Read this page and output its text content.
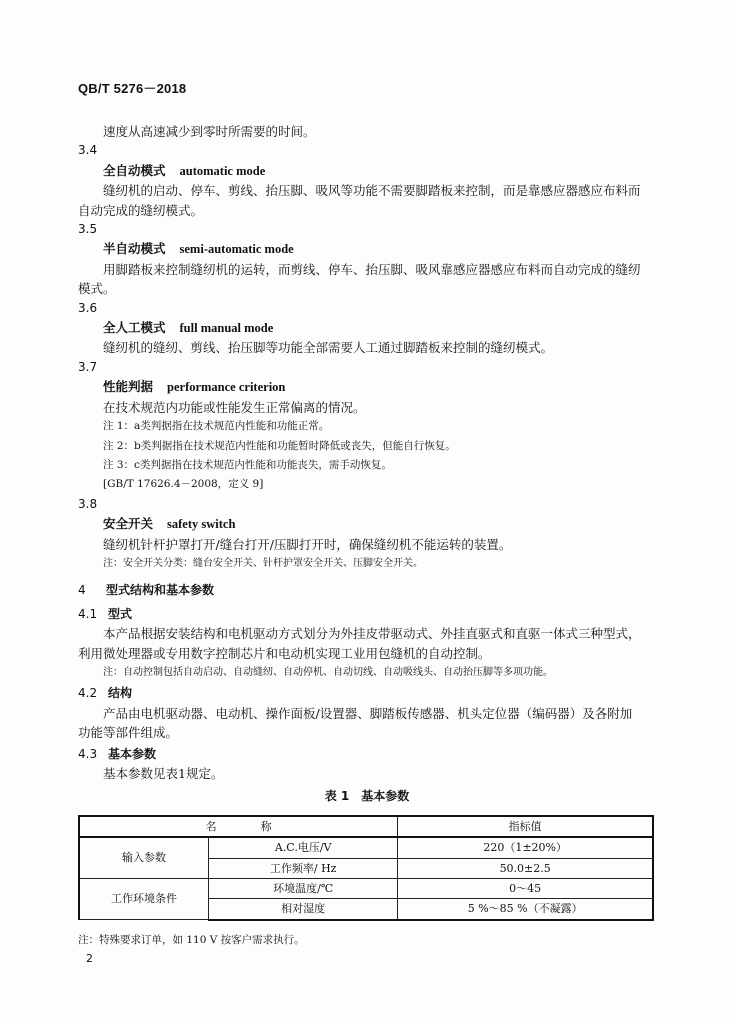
QB/T 5276－2018

速度从高速减少到零时所需要的时间。

3.4

全自动模式 automatic mode

缝纫机的启动、停车、剪线、抬压脚、吸风等功能不需要脚踏板来控制，而是靠感应器感应布料而

自动完成的缝纫模式。

3.5

半自动模式 semi-automatic mode

用脚踏板来控制缝纫机的运转，而剪线、停车、抬压脚、吸风靠感应器感应布料而自动完成的缝纫

模式。

3.6

全人工模式 full manual mode

缝纫机的缝纫、剪线、抬压脚等功能全部需要人工通过脚踏板来控制的缝纫模式。

3.7

性能判据 performance criterion

在技术规范内功能或性能发生正常偏离的情况。

注 1：a类判据指在技术规范内性能和功能正常。

注 2：b类判据指在技术规范内性能和功能暂时降低或丧失，但能自行恢复。

注 3：c类判据指在技术规范内性能和功能丧失，需手动恢复。

[GB/T 17626.4－2008，定义 9]

3.8

安全开关 safety switch

缝纫机针杆护罩打开/缝台打开/压脚打开时，确保缝纫机不能运转的装置。

注：安全开关分类：缝台安全开关、针杆护罩安全开关、压脚安全开关。

4 型式结构和基本参数

4.1 型式

本产品根据安装结构和电机驱动方式划分为外挂皮带驱动式、外挂直驱式和直驱一体式三种型式，

利用微处理器或专用数字控制芯片和电动机实现工业用包缝机的自动控制。

注：自动控制包括自动启动、自动缝纫、自动停机、自动切线、自动吸线头、自动抬压脚等多项功能。

4.2 结构

产品由电机驱动器、电动机、操作面板/设置器、脚踏板传感器、机头定位器（编码器）及各附加

功能等部件组成。

4.3 基本参数

基本参数见表1规定。

表 1　基本参数

名　　　　称		指标值
输入参数	A.C.电压/V	220（1±20%）
	工作频率/ Hz	50.0±2.5
工作环境条件	环境温度/℃	0～45
	相对湿度	5 %～85 %（不凝露）

注：特殊要求订单，如 110 V 按客户需求执行。

2
